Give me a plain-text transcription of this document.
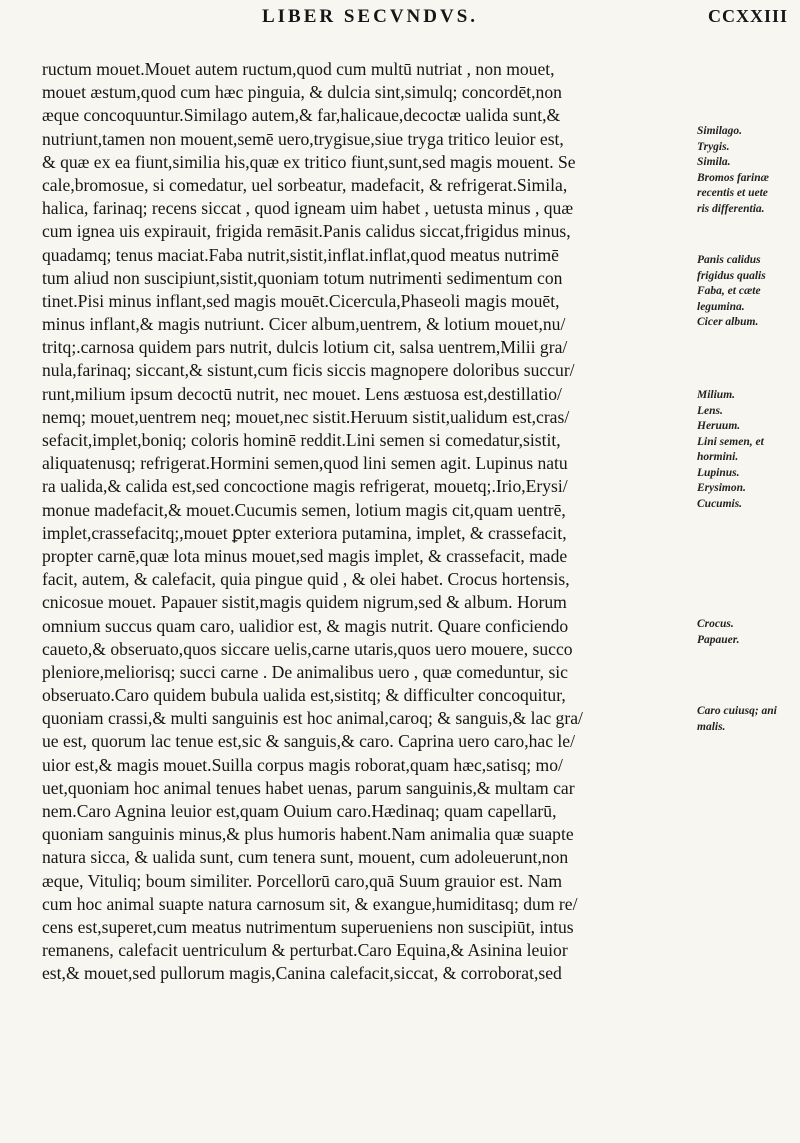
LIBER SECVNDVS.	CCXXIII
ructum mouet.Mouet autem ructum,quod cum multū nutriat , non mouet,
mouet æstum,quod cum hæc pinguia, & dulcia sint,simulq; concordēt,non
æque concoquuntur.Similago autem,& far,halicaue,decoctæ ualida sunt,&
nutriunt,tamen non mouent,semē uero,trygisue,siue tryga tritico leuior est,
& quæ ex ea fiunt,similia his,quæ ex tritico fiunt,sunt,sed magis mouent. Se
cale,bromosue, si comedatur, uel sorbeatur, madefacit, & refrigerat.Simila,
halica, farinaq; recens siccat , quod igneam uim habet , uetusta minus , quæ
cum ignea uis expirauit, frigida remāsit.Panis calidus siccat,frigidus minus,
quadamq; tenus maciat.Faba nutrit,sistit,inflat.inflat,quod meatus nutrimē
tum aliud non suscipiunt,sistit,quoniam totum nutrimenti sedimentum con
tinet.Pisi minus inflant,sed magis mouēt.Cicercula,Phaseoli magis mouēt,
minus inflant,& magis nutriunt. Cicer album,uentrem, & lotium mouet,nu/
tritq;.carnosa quidem pars nutrit, dulcis lotium cit, salsa uentrem,Milii gra/
nula,farinaq; siccant,& sistunt,cum ficis siccis magnopere doloribus succur/
runt,milium ipsum decoctū nutrit, nec mouet. Lens æstuosa est,destillatio/
nemq; mouet,uentrem neq; mouet,nec sistit.Heruum sistit,ualidum est,cras/
sefacit,implet,boniq; coloris hominē reddit.Lini semen si comedatur,sistit,
aliquatenusq; refrigerat.Hormini semen,quod lini semen agit. Lupinus natu
ra ualida,& calida est,sed concoctione magis refrigerat, mouetq;.Irio,Erysi/
monue madefacit,& mouet.Cucumis semen, lotium magis cit,quam uentrē,
implet,crassefacitq;,mouet ꝑpter exteriora putamina, implet, & crassefacit,
propter carnē,quæ lota minus mouet,sed magis implet, & crassefacit, made
facit, autem, & calefacit, quia pingue quid , & olei habet. Crocus hortensis,
cnicosue mouet. Papauer sistit,magis quidem nigrum,sed & album. Horum
omnium succus quam caro, ualidior est, & magis nutrit. Quare conficiendo
caueto,& obseruato,quos siccare uelis,carne utaris,quos uero mouere, succo
pleniore,meliorisq; succi carne . De animalibus uero , quæ comeduntur, sic
obseruato.Caro quidem bubula ualida est,sistitq; & difficulter concoquitur,
quoniam crassi,& multi sanguinis est hoc animal,caroq; & sanguis,& lac gra/
ue est, quorum lac tenue est,sic & sanguis,& caro. Caprina uero caro,hac le/
uior est,& magis mouet.Suilla corpus magis roborat,quam hæc,satisq; mo/
uet,quoniam hoc animal tenues habet uenas, parum sanguinis,& multam car
nem.Caro Agnina leuior est,quam Ouium caro.Hædinaq; quam capellarū,
quoniam sanguinis minus,& plus humoris habent.Nam animalia quæ suapte
natura sicca, & ualida sunt, cum tenera sunt, mouent, cum adoleuerunt,non
æque, Vituliq; boum similiter. Porcellorū caro,quā Suum grauior est. Nam
cum hoc animal suapte natura carnosum sit, & exangue,humiditasq; dum re/
cens est,superet,cum meatus nutrimentum superueniens non suscipiūt, intus
remanens, calefacit uentriculum & perturbat.Caro Equina,& Asinina leuior
est,& mouet,sed pullorum magis,Canina calefacit,siccat, & corroborat,sed
Similago.
Trygis.
Simila.
Bromos farinæ
recentis et uete
ris differentia.
Panis calidus
frigidus qualis
Faba, et cæte
legumina.
Cicer album.
Milium.
Lens.
Heruum.
Lini semen, et
hormini.
Lupinus.
Erysimon.
Cucumis.
Crocus.
Papauer.
Caro cuiusq; ani
malis.
